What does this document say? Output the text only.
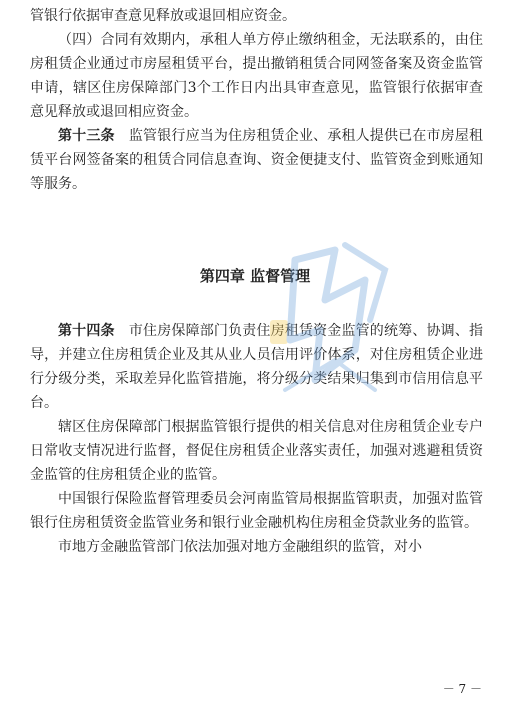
管银行依据审查意见释放或退回相应资金。

（四）合同有效期内，承租人单方停止缴纳租金，无法联系的，由住房租赁企业通过市房屋租赁平台，提出撤销租赁合同网签备案及资金监管申请，辖区住房保障部门3个工作日内出具审查意见，监管银行依据审查意见释放或退回相应资金。

第十三条　监管银行应当为住房租赁企业、承租人提供已在市房屋租赁平台网签备案的租赁合同信息查询、资金便捷支付、监管资金到账通知等服务。

第四章 监督管理

第十四条　市住房保障部门负责住房租赁资金监管的统筹、协调、指导，并建立住房租赁企业及其从业人员信用评价体系，对住房租赁企业进行分级分类，采取差异化监管措施，将分级分类结果归集到市信用信息平台。

辖区住房保障部门根据监管银行提供的相关信息对住房租赁企业专户日常收支情况进行监督，督促住房租赁企业落实责任，加强对逃避租赁资金监管的住房租赁企业的监管。

中国银行保险监督管理委员会河南监管局根据监管职责，加强对监管银行住房租赁资金监管业务和银行业金融机构住房租金贷款业务的监管。

市地方金融监管部门依法加强对地方金融组织的监管，对小

－ 7 －
